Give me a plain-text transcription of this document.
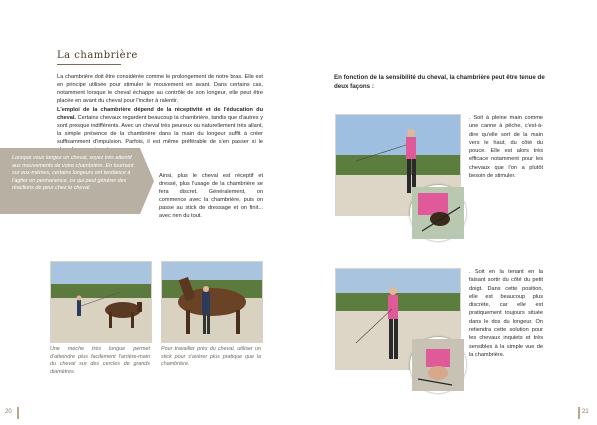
La chambrière

La chambrière doit être considérée comme le prolongement de notre bras. Elle est en principe utilisée pour stimuler le mouvement en avant. Dans certains cas, notamment lorsque le cheval échappe au contrôle de son longeur, elle peut être placée en avant du cheval pour l'inciter à ralentir.

L'emploi de la chambrière dépend de la réceptivité et de l'éducation du cheval. Certains chevaux regardent beaucoup la chambrière, tandis que d'autres y sont presque indifférents. Avec un cheval très peureux ou naturellement très allant, la simple présence de la chambrière dans la main du longeur suffit à créer suffisamment d'impulsion. Parfois, il est même préférable de s'en passer si le

Lorsque vous longez un cheval, soyez très attentif aux mouvements de votre chambrière. En tournant sur eux-mêmes, certains longeurs ont tendance à l'agiter en permanence, ce qui peut générer des réactions de peur chez le cheval.
Ainsi, plus le cheval est réceptif et dressé, plus l'usage de la chambrière se fera discret. Généralement, on commence avec la chambrière, puis on passe au stick de dressage et on finit... avec rien du tout.
Une mèche très longue permet d'atteindre plus facilement l'arrière-main du cheval sur des cercles de grands diamètres.
Pour travailler près du cheval, utiliser un stick pour s'avérer plus pratique que la chambrière.
En fonction de la sensibilité du cheval, la chambrière peut être tenue de deux façons :
. Soit à pleine main comme une canne à pêche, c'est-à-dire qu'elle sort de la main vers le haut, du côté du pouce. Elle est alors très efficace notamment pour les chevaux que l'on a plutôt besoin de stimuler.
. Soit en la tenant en la faisant sortir du côté du petit doigt. Dans cette position, elle est beaucoup plus discrète, car elle est pratiquement toujours située dans le dos du longeur. On retiendra cette solution pour les chevaux inquiets et très sensibles à la simple vue de la chambrière.
20	21
